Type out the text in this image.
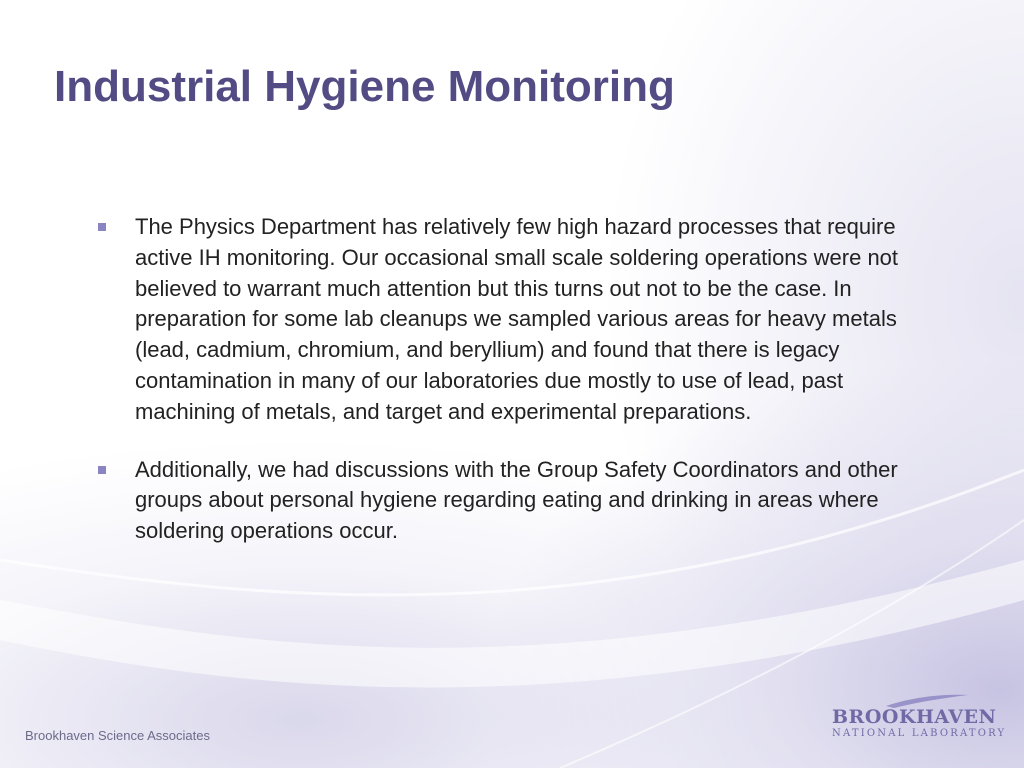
Industrial Hygiene Monitoring
The Physics Department has relatively few high hazard processes that require active IH monitoring. Our occasional small scale soldering operations were not believed to warrant much attention but this turns out not to be the case. In preparation for some lab cleanups we sampled various areas for heavy metals (lead, cadmium, chromium, and beryllium) and found that there is legacy contamination in many of our laboratories due mostly to use of lead, past machining of metals, and target and experimental preparations.
Additionally, we had discussions with the Group Safety Coordinators and other groups about personal hygiene regarding eating and drinking in areas where soldering operations occur.
Brookhaven Science Associates
BROOKHAVEN
NATIONAL LABORATORY
